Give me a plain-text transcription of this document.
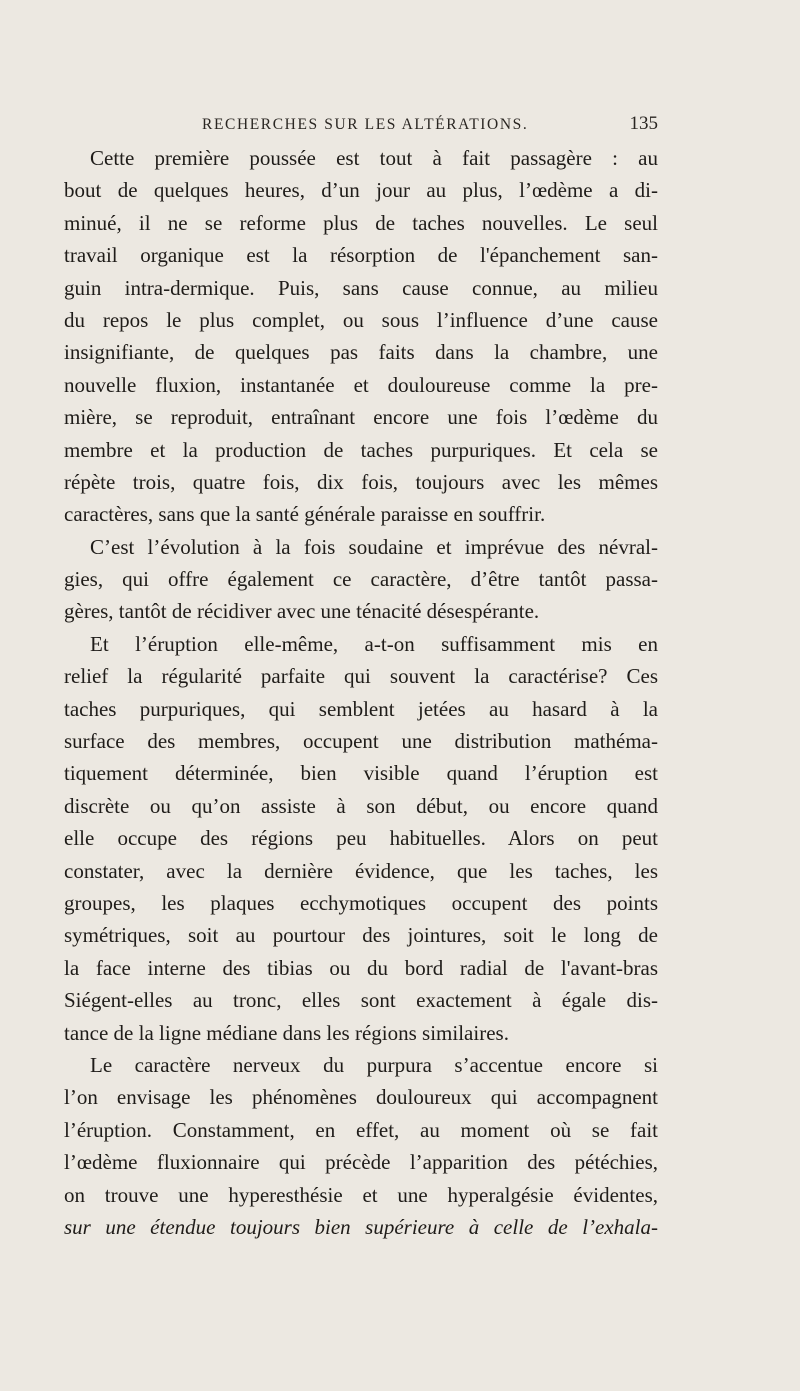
RECHERCHES SUR LES ALTÉRATIONS.	135
Cette première poussée est tout à fait passagère : au
bout de quelques heures, d’un jour au plus, l’œdème a di-
minué, il ne se reforme plus de taches nouvelles. Le seul
travail organique est la résorption de l'épanchement san-
guin intra-dermique. Puis, sans cause connue, au milieu
du repos le plus complet, ou sous l’influence d’une cause
insignifiante, de quelques pas faits dans la chambre, une
nouvelle fluxion, instantanée et douloureuse comme la pre-
mière, se reproduit, entraînant encore une fois l’œdème du
membre et la production de taches purpuriques. Et cela se
répète trois, quatre fois, dix fois, toujours avec les mêmes
caractères, sans que la santé générale paraisse en souffrir.
C’est l’évolution à la fois soudaine et imprévue des névral-
gies, qui offre également ce caractère, d’être tantôt passa-
gères, tantôt de récidiver avec une ténacité désespérante.
Et l’éruption elle-même, a-t-on suffisamment mis en
relief la régularité parfaite qui souvent la caractérise? Ces
taches purpuriques, qui semblent jetées au hasard à la
surface des membres, occupent une distribution mathéma-
tiquement déterminée, bien visible quand l’éruption est
discrète ou qu’on assiste à son début, ou encore quand
elle occupe des régions peu habituelles. Alors on peut
constater, avec la dernière évidence, que les taches, les
groupes, les plaques ecchymotiques occupent des points
symétriques, soit au pourtour des jointures, soit le long de
la face interne des tibias ou du bord radial de l'avant-bras
Siégent-elles au tronc, elles sont exactement à égale dis-
tance de la ligne médiane dans les régions similaires.
Le caractère nerveux du purpura s’accentue encore si
l’on envisage les phénomènes douloureux qui accompagnent
l’éruption. Constamment, en effet, au moment où se fait
l’œdème fluxionnaire qui précède l’apparition des pétéchies,
on trouve une hyperesthésie et une hyperalgésie évidentes,
sur une étendue toujours bien supérieure à celle de l’exhala-
